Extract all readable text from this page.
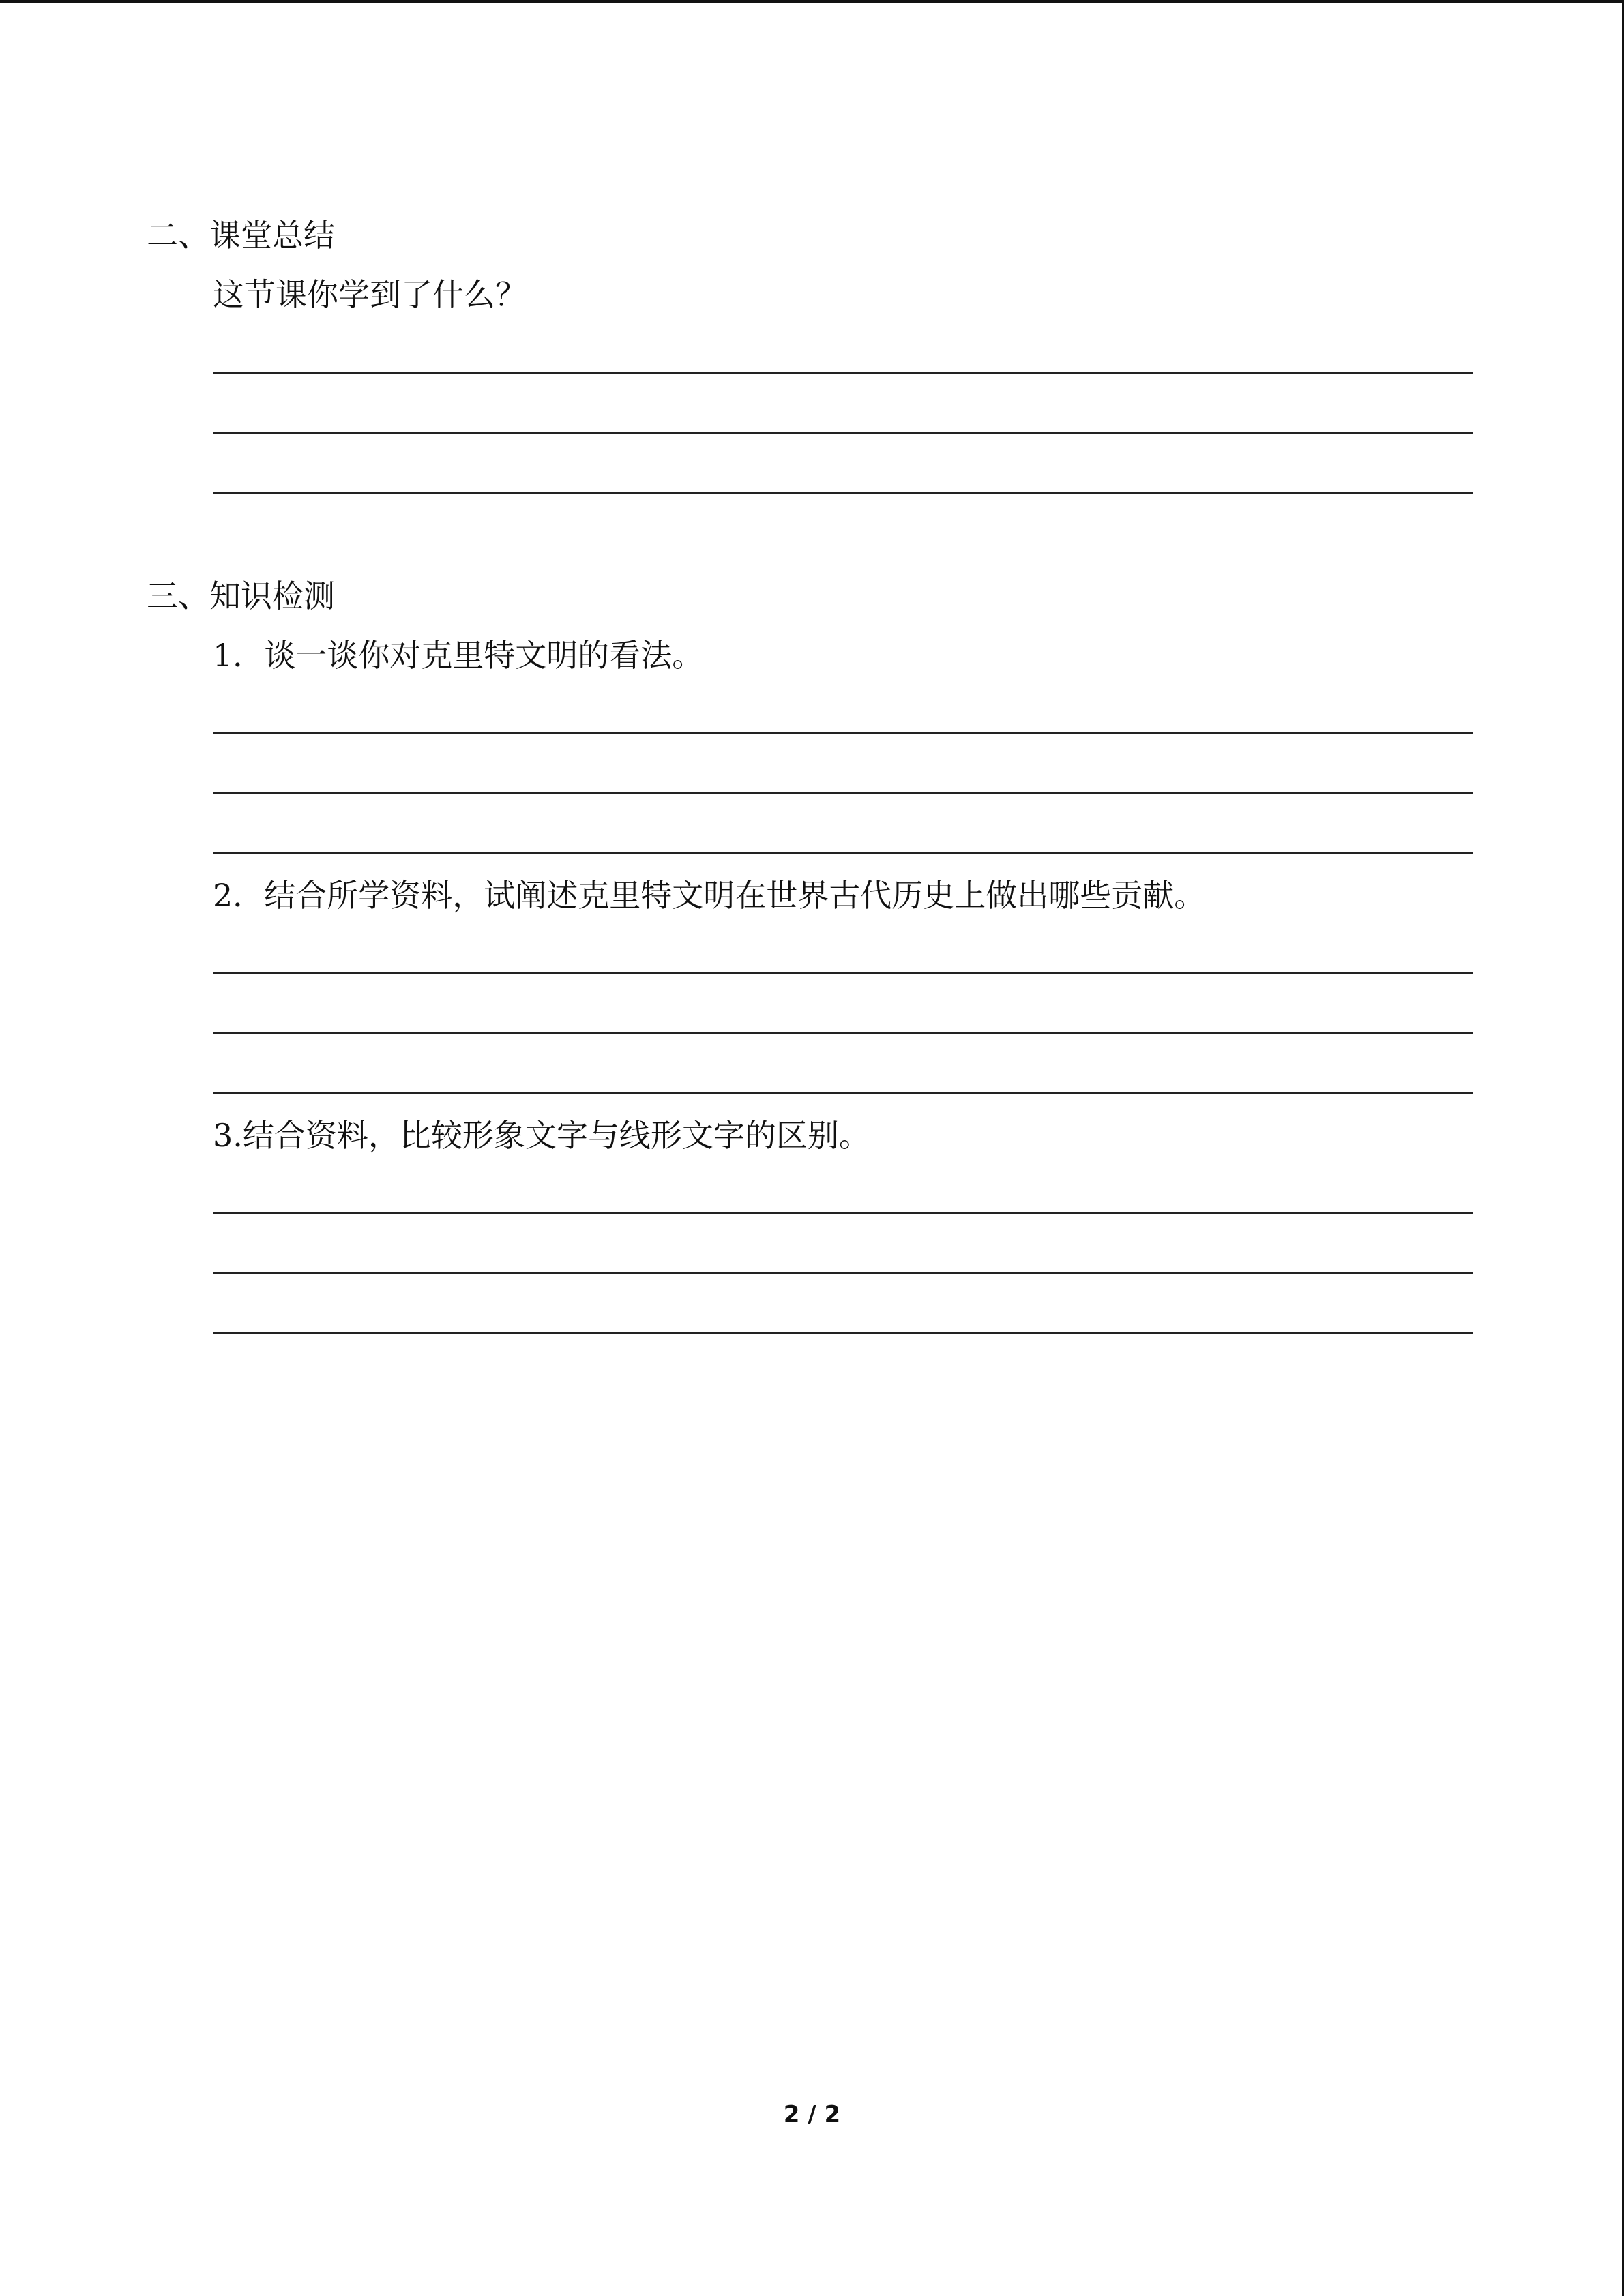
二、课堂总结
这节课你学到了什么？
三、知识检测
1．谈一谈你对克里特文明的看法。
2．结合所学资料，试阐述克里特文明在世界古代历史上做出哪些贡献。
3.结合资料，比较形象文字与线形文字的区别。
2 / 2
